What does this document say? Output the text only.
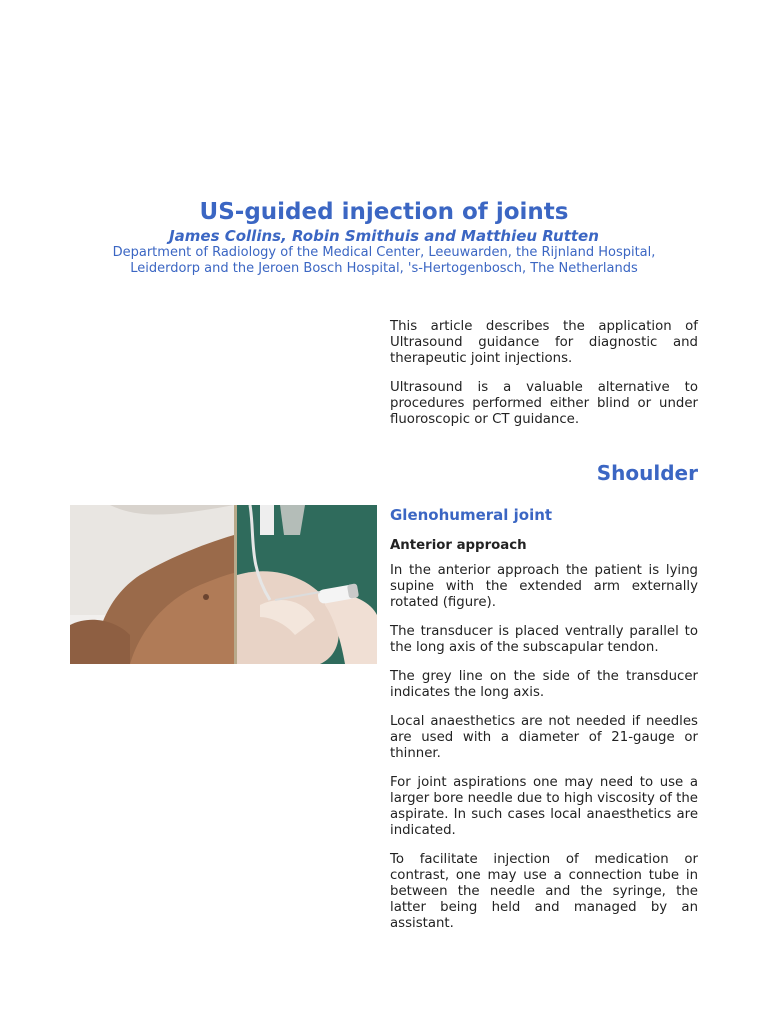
US-guided injection of joints

James Collins, Robin Smithuis and Matthieu Rutten

Department of Radiology of the Medical Center, Leeuwarden, the Rijnland Hospital,

Leiderdorp and the Jeroen Bosch Hospital, 's-Hertogenbosch, The Netherlands

This article describes the application of Ultrasound guidance for diagnostic and therapeutic joint injections.

Ultrasound is a valuable alternative to procedures performed either blind or under fluoroscopic or CT guidance.

Shoulder
Glenohumeral joint
Anterior approach

In the anterior approach the patient is lying supine with the extended arm externally rotated (figure).

The transducer is placed ventrally parallel to the long axis of the subscapular tendon.

The grey line on the side of the transducer indicates the long axis.

Local anaesthetics are not needed if needles are used with a diameter of 21-gauge or thinner.

For joint aspirations one may need to use a larger bore needle due to high viscosity of the aspirate. In such cases local anaesthetics are indicated.

To facilitate injection of medication or contrast, one may use a connection tube in between the needle and the syringe, the latter being held and managed by an assistant.
